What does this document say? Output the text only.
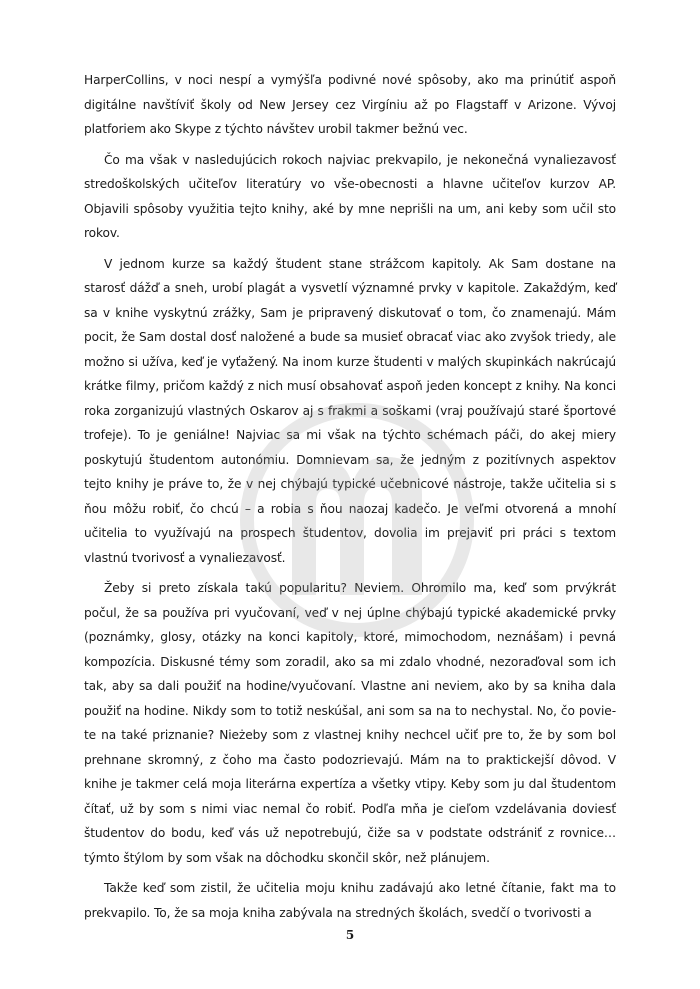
HarperCollins, v noci nespí a vymýšľa podivné nové spôsoby, ako ma prinútiť aspoň digitálne navštíviť školy od New Jersey cez Virgíniu až po Flagstaff v Arizone. Vývoj platforiem ako Skype z týchto návštev urobil takmer bežnú vec.

Čo ma však v nasledujúcich rokoch najviac prekvapilo, je nekonečná vynaliezavosť stredoškolských učiteľov literatúry vo vše-obecnosti a hlavne učiteľov kurzov AP. Objavili spôsoby využitia tejto knihy, aké by mne neprišli na um, ani keby som učil sto rokov.

V jednom kurze sa každý študent stane strážcom kapitoly. Ak Sam dostane na starosť dážď a sneh, urobí plagát a vysvetlí významné prvky v kapitole. Zakaždým, keď sa v knihe vyskytnú zrážky, Sam je pripravený diskutovať o tom, čo znamenajú. Mám pocit, že Sam dostal dosť naložené a bude sa musieť obracať viac ako zvyšok triedy, ale možno si užíva, keď je vyťažený. Na inom kurze študenti v malých skupinkách nakrúcajú krátke filmy, pričom každý z nich musí obsahovať aspoň jeden koncept z knihy. Na konci roka zorganizujú vlastných Oskarov aj s frakmi a soškami (vraj používajú staré športové trofeje). To je geniálne! Najviac sa mi však na týchto schémach páči, do akej miery poskytujú študentom autonómiu. Domnievam sa, že jedným z pozitívnych aspektov tejto knihy je práve to, že v nej chýbajú typické učebnicové nástroje, takže učitelia si s ňou môžu robiť, čo chcú – a robia s ňou naozaj kadečo. Je veľmi otvorená a mnohí učitelia to využívajú na prospech študentov, dovolia im prejaviť pri práci s textom vlastnú tvorivosť a vynaliezavosť.

Žeby si preto získala takú popularitu? Neviem. Ohromilo ma, keď som prvýkrát počul, že sa používa pri vyučovaní, veď v nej úplne chýbajú typické akademické prvky (poznámky, glosy, otázky na konci kapitoly, ktoré, mimochodom, neznášam) i pevná kompozícia. Diskusné témy som zoradil, ako sa mi zdalo vhodné, nezoraďoval som ich tak, aby sa dali použiť na hodine/vyučovaní. Vlastne ani neviem, ako by sa kniha dala použiť na hodine. Nikdy som to totiž neskúšal, ani som sa na to nechystal. No, čo povie-te na také priznanie? Nieżeby som z vlastnej knihy nechcel učiť pre to, že by som bol prehnane skromný, z čoho ma často podozrievajú. Mám na to praktickejší dôvod. V knihe je takmer celá moja literárna expertíza a všetky vtipy. Keby som ju dal študentom čítať, už by som s nimi viac nemal čo robiť. Podľa mňa je cieľom vzdelávania doviesť študentov do bodu, keď vás už nepotrebujú, čiže sa v podstate odstrániť z rovnice… týmto štýlom by som však na dôchodku skončil skôr, než plánujem.

Takže keď som zistil, že učitelia moju knihu zadávajú ako letné čítanie, fakt ma to prekvapilo. To, že sa moja kniha zabývala na stredných školách, svedčí o tvorivosti a

5
